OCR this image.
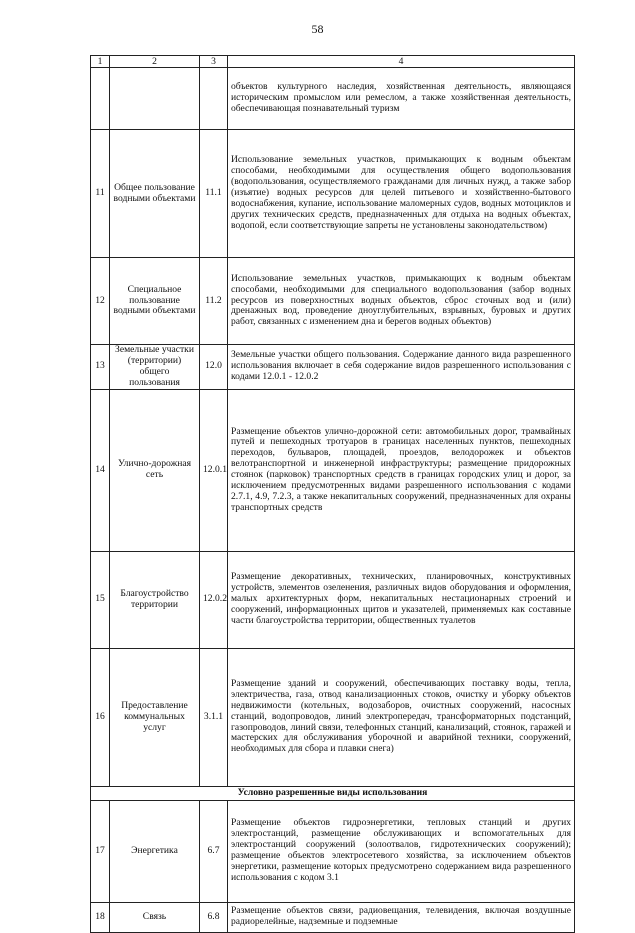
58
1	2	3	4
			объектов культурного наследия, хозяйственная деятельность, являющаяся историческим промыслом или ремеслом, а также хозяйственная деятельность, обеспечивающая познавательный туризм
11	Общее пользование водными объектами	11.1	Использование земельных участков, примыкающих к водным объектам способами, необходимыми для осуществления общего водопользования (водопользования, осуществляемого гражданами для личных нужд, а также забор (изъятие) водных ресурсов для целей питьевого и хозяйственно-бытового водоснабжения, купание, использование маломерных судов, водных мотоциклов и других технических средств, предназначенных для отдыха на водных объектах, водопой, если соответствующие запреты не установлены законодательством)
12	Специальное пользование водными объектами	11.2	Использование земельных участков, примыкающих к водным объектам способами, необходимыми для специального водопользования (забор водных ресурсов из поверхностных водных объектов, сброс сточных вод и (или) дренажных вод, проведение дноуглубительных, взрывных, буровых и других работ, связанных с изменением дна и берегов водных объектов)
13	Земельные участки (территории) общего пользования	12.0	Земельные участки общего пользования. Содержание данного вида разрешенного использования включает в себя содержание видов разрешенного использования с кодами 12.0.1 - 12.0.2
14	Улично-дорожная сеть	12.0.1	Размещение объектов улично-дорожной сети: автомобильных дорог, трамвайных путей и пешеходных тротуаров в границах населенных пунктов, пешеходных переходов, бульваров, площадей, проездов, велодорожек и объектов велотранспортной и инженерной инфраструктуры; размещение придорожных стоянок (парковок) транспортных средств в границах городских улиц и дорог, за исключением предусмотренных видами разрешенного использования с кодами 2.7.1, 4.9, 7.2.3, а также некапитальных сооружений, предназначенных для охраны транспортных средств
15	Благоустройство территории	12.0.2	Размещение декоративных, технических, планировочных, конструктивных устройств, элементов озеленения, различных видов оборудования и оформления, малых архитектурных форм, некапитальных нестационарных строений и сооружений, информационных щитов и указателей, применяемых как составные части благоустройства территории, общественных туалетов
16	Предоставление коммунальных услуг	3.1.1	Размещение зданий и сооружений, обеспечивающих поставку воды, тепла, электричества, газа, отвод канализационных стоков, очистку и уборку объектов недвижимости (котельных, водозаборов, очистных сооружений, насосных станций, водопроводов, линий электропередач, трансформаторных подстанций, газопроводов, линий связи, телефонных станций, канализаций, стоянок, гаражей и мастерских для обслуживания уборочной и аварийной техники, сооружений, необходимых для сбора и плавки снега)
Условно разрешенные виды использования			
17	Энергетика	6.7	Размещение объектов гидроэнергетики, тепловых станций и других электростанций, размещение обслуживающих и вспомогательных для электростанций сооружений (золоотвалов, гидротехнических сооружений); размещение объектов электросетевого хозяйства, за исключением объектов энергетики, размещение которых предусмотрено содержанием вида разрешенного использования с кодом 3.1
18	Связь	6.8	Размещение объектов связи, радиовещания, телевидения, включая воздушные радиорелейные, надземные и подземные
